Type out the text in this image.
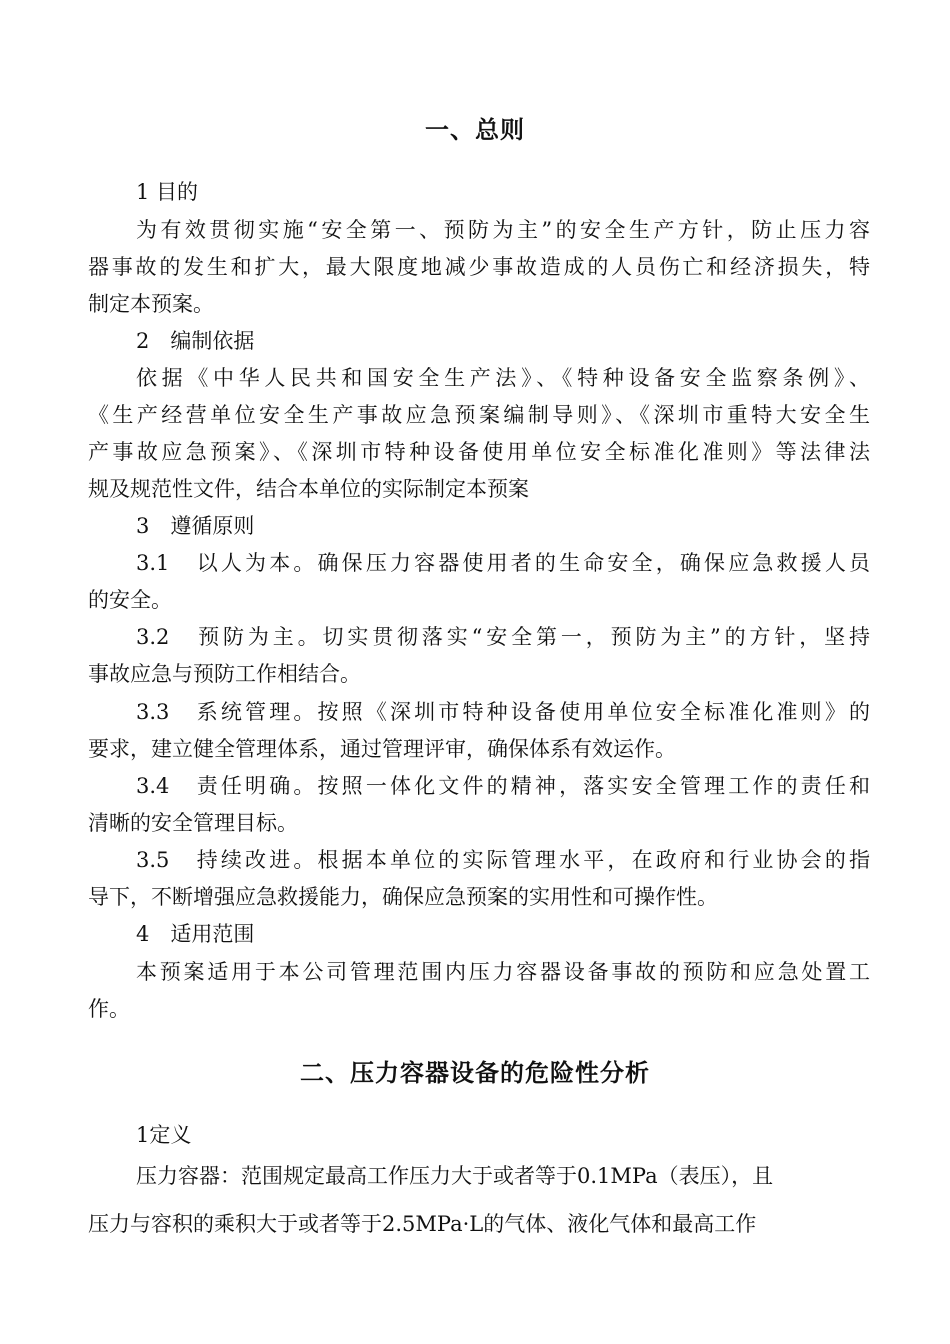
一、总则
1 目的
为有效贯彻实施“安全第一、预防为主”的安全生产方针，防止压力容
器事故的发生和扩大，最大限度地减少事故造成的人员伤亡和经济损失，特
制定本预案。
2　编制依据
依据《中华人民共和国安全生产法》、《特种设备安全监察条例》、
《生产经营单位安全生产事故应急预案编制导则》、《深圳市重特大安全生
产事故应急预案》、《深圳市特种设备使用单位安全标准化准则》等法律法
规及规范性文件，结合本单位的实际制定本预案
3　遵循原则
3.1　以人为本。确保压力容器使用者的生命安全，确保应急救援人员
的安全。
3.2　预防为主。切实贯彻落实“安全第一，预防为主”的方针，坚持
事故应急与预防工作相结合。
3.3　系统管理。按照《深圳市特种设备使用单位安全标准化准则》的
要求，建立健全管理体系，通过管理评审，确保体系有效运作。
3.4　责任明确。按照一体化文件的精神，落实安全管理工作的责任和
清晰的安全管理目标。
3.5　持续改进。根据本单位的实际管理水平，在政府和行业协会的指
导下，不断增强应急救援能力，确保应急预案的实用性和可操作性。
4　适用范围
本预案适用于本公司管理范围内压力容器设备事故的预防和应急处置工
作。
二、压力容器设备的危险性分析
1定义
压力容器：范围规定最高工作压力大于或者等于0.1MPa（表压），且
压力与容积的乘积大于或者等于2.5MPa·L的气体、液化气体和最高工作
